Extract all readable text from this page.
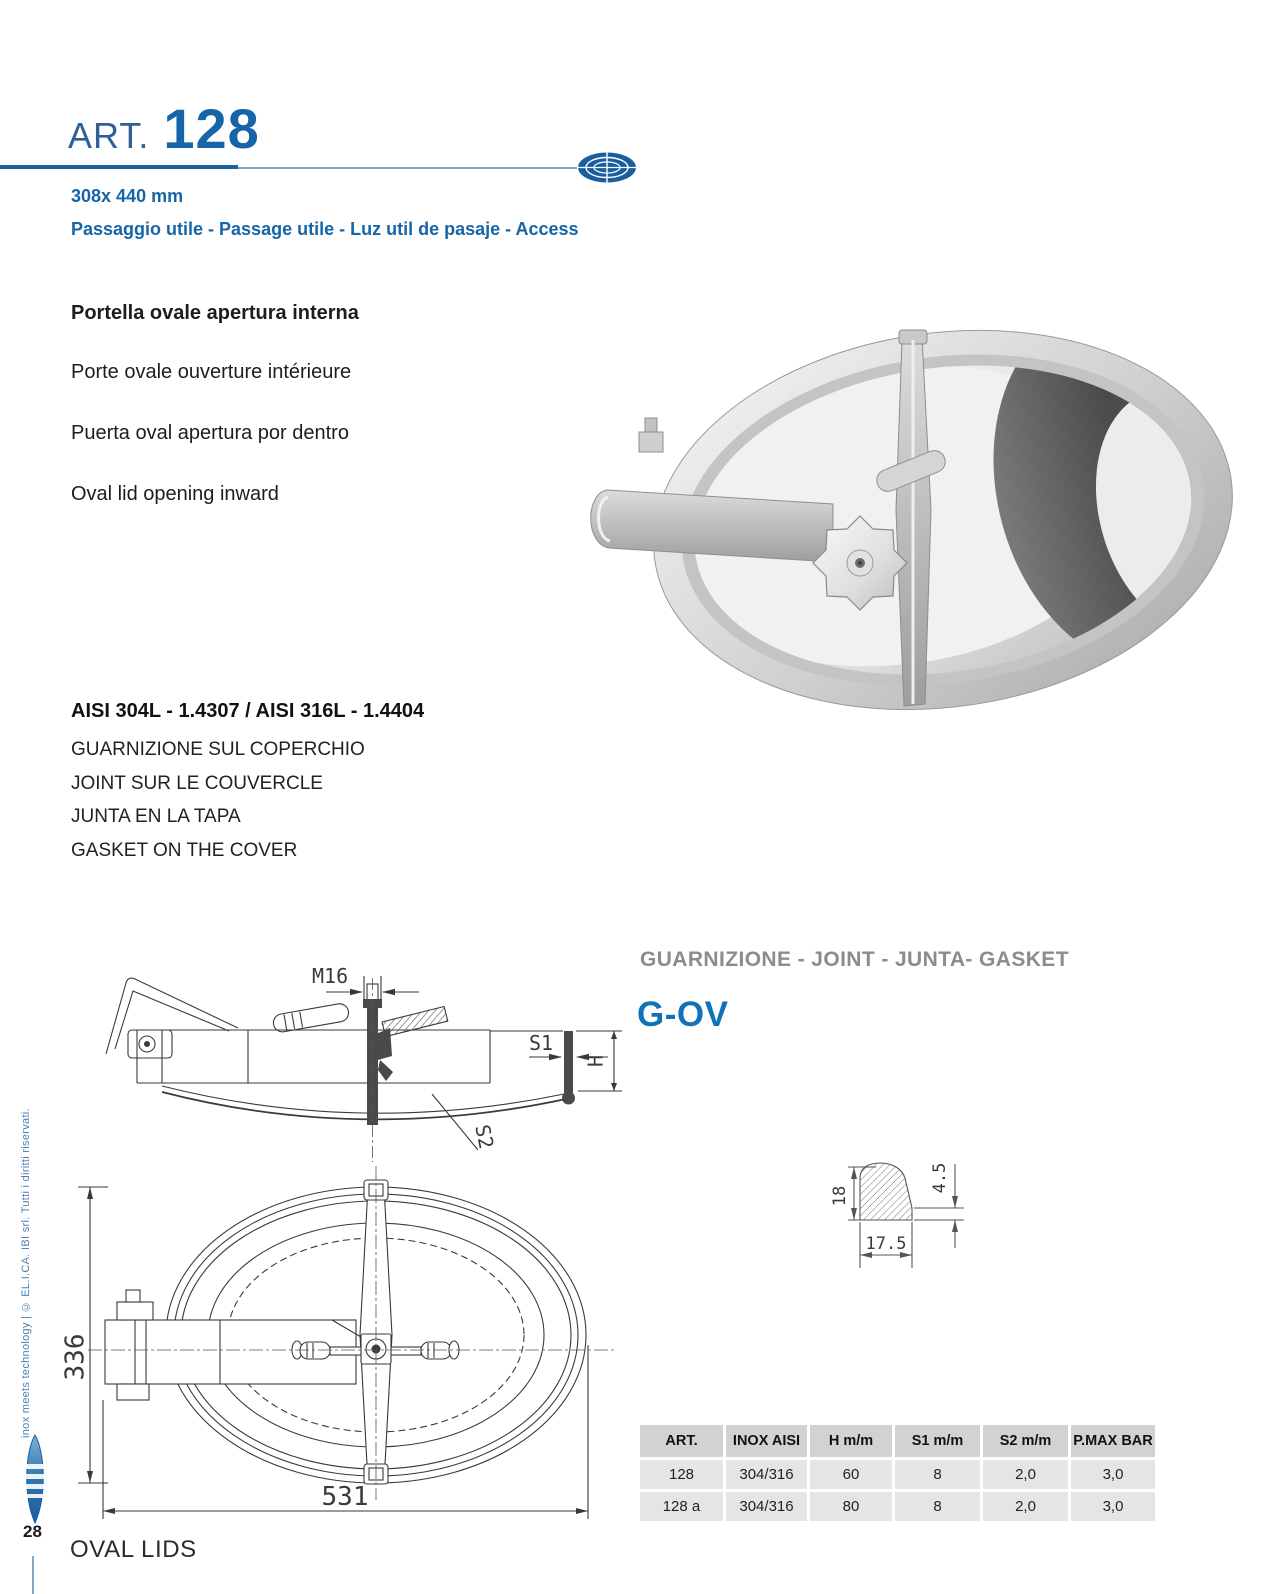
ART. 128
308x 440 mm
Passaggio utile - Passage utile - Luz util de pasaje - Access
Portella ovale apertura interna
Porte ovale ouverture intérieure
Puerta oval apertura por dentro
Oval lid opening inward
AISI 304L - 1.4307 / AISI 316L - 1.4404
GUARNIZIONE SUL COPERCHIO
JOINT SUR LE COUVERCLE
JUNTA EN LA TAPA
GASKET ON THE COVER
M16
S1
H
S2
GUARNIZIONE - JOINT - JUNTA- GASKET
G-OV
18
4.5
17.5
336
531
ART.	INOX AISI	H m/m	S1 m/m	S2 m/m	P.MAX BAR
128	304/316	60	8	2,0	3,0
128 a	304/316	80	8	2,0	3,0
inox meets technology | © EL.I.CA. IBI srl. Tutti i diritti riservati.
28
OVAL LIDS
